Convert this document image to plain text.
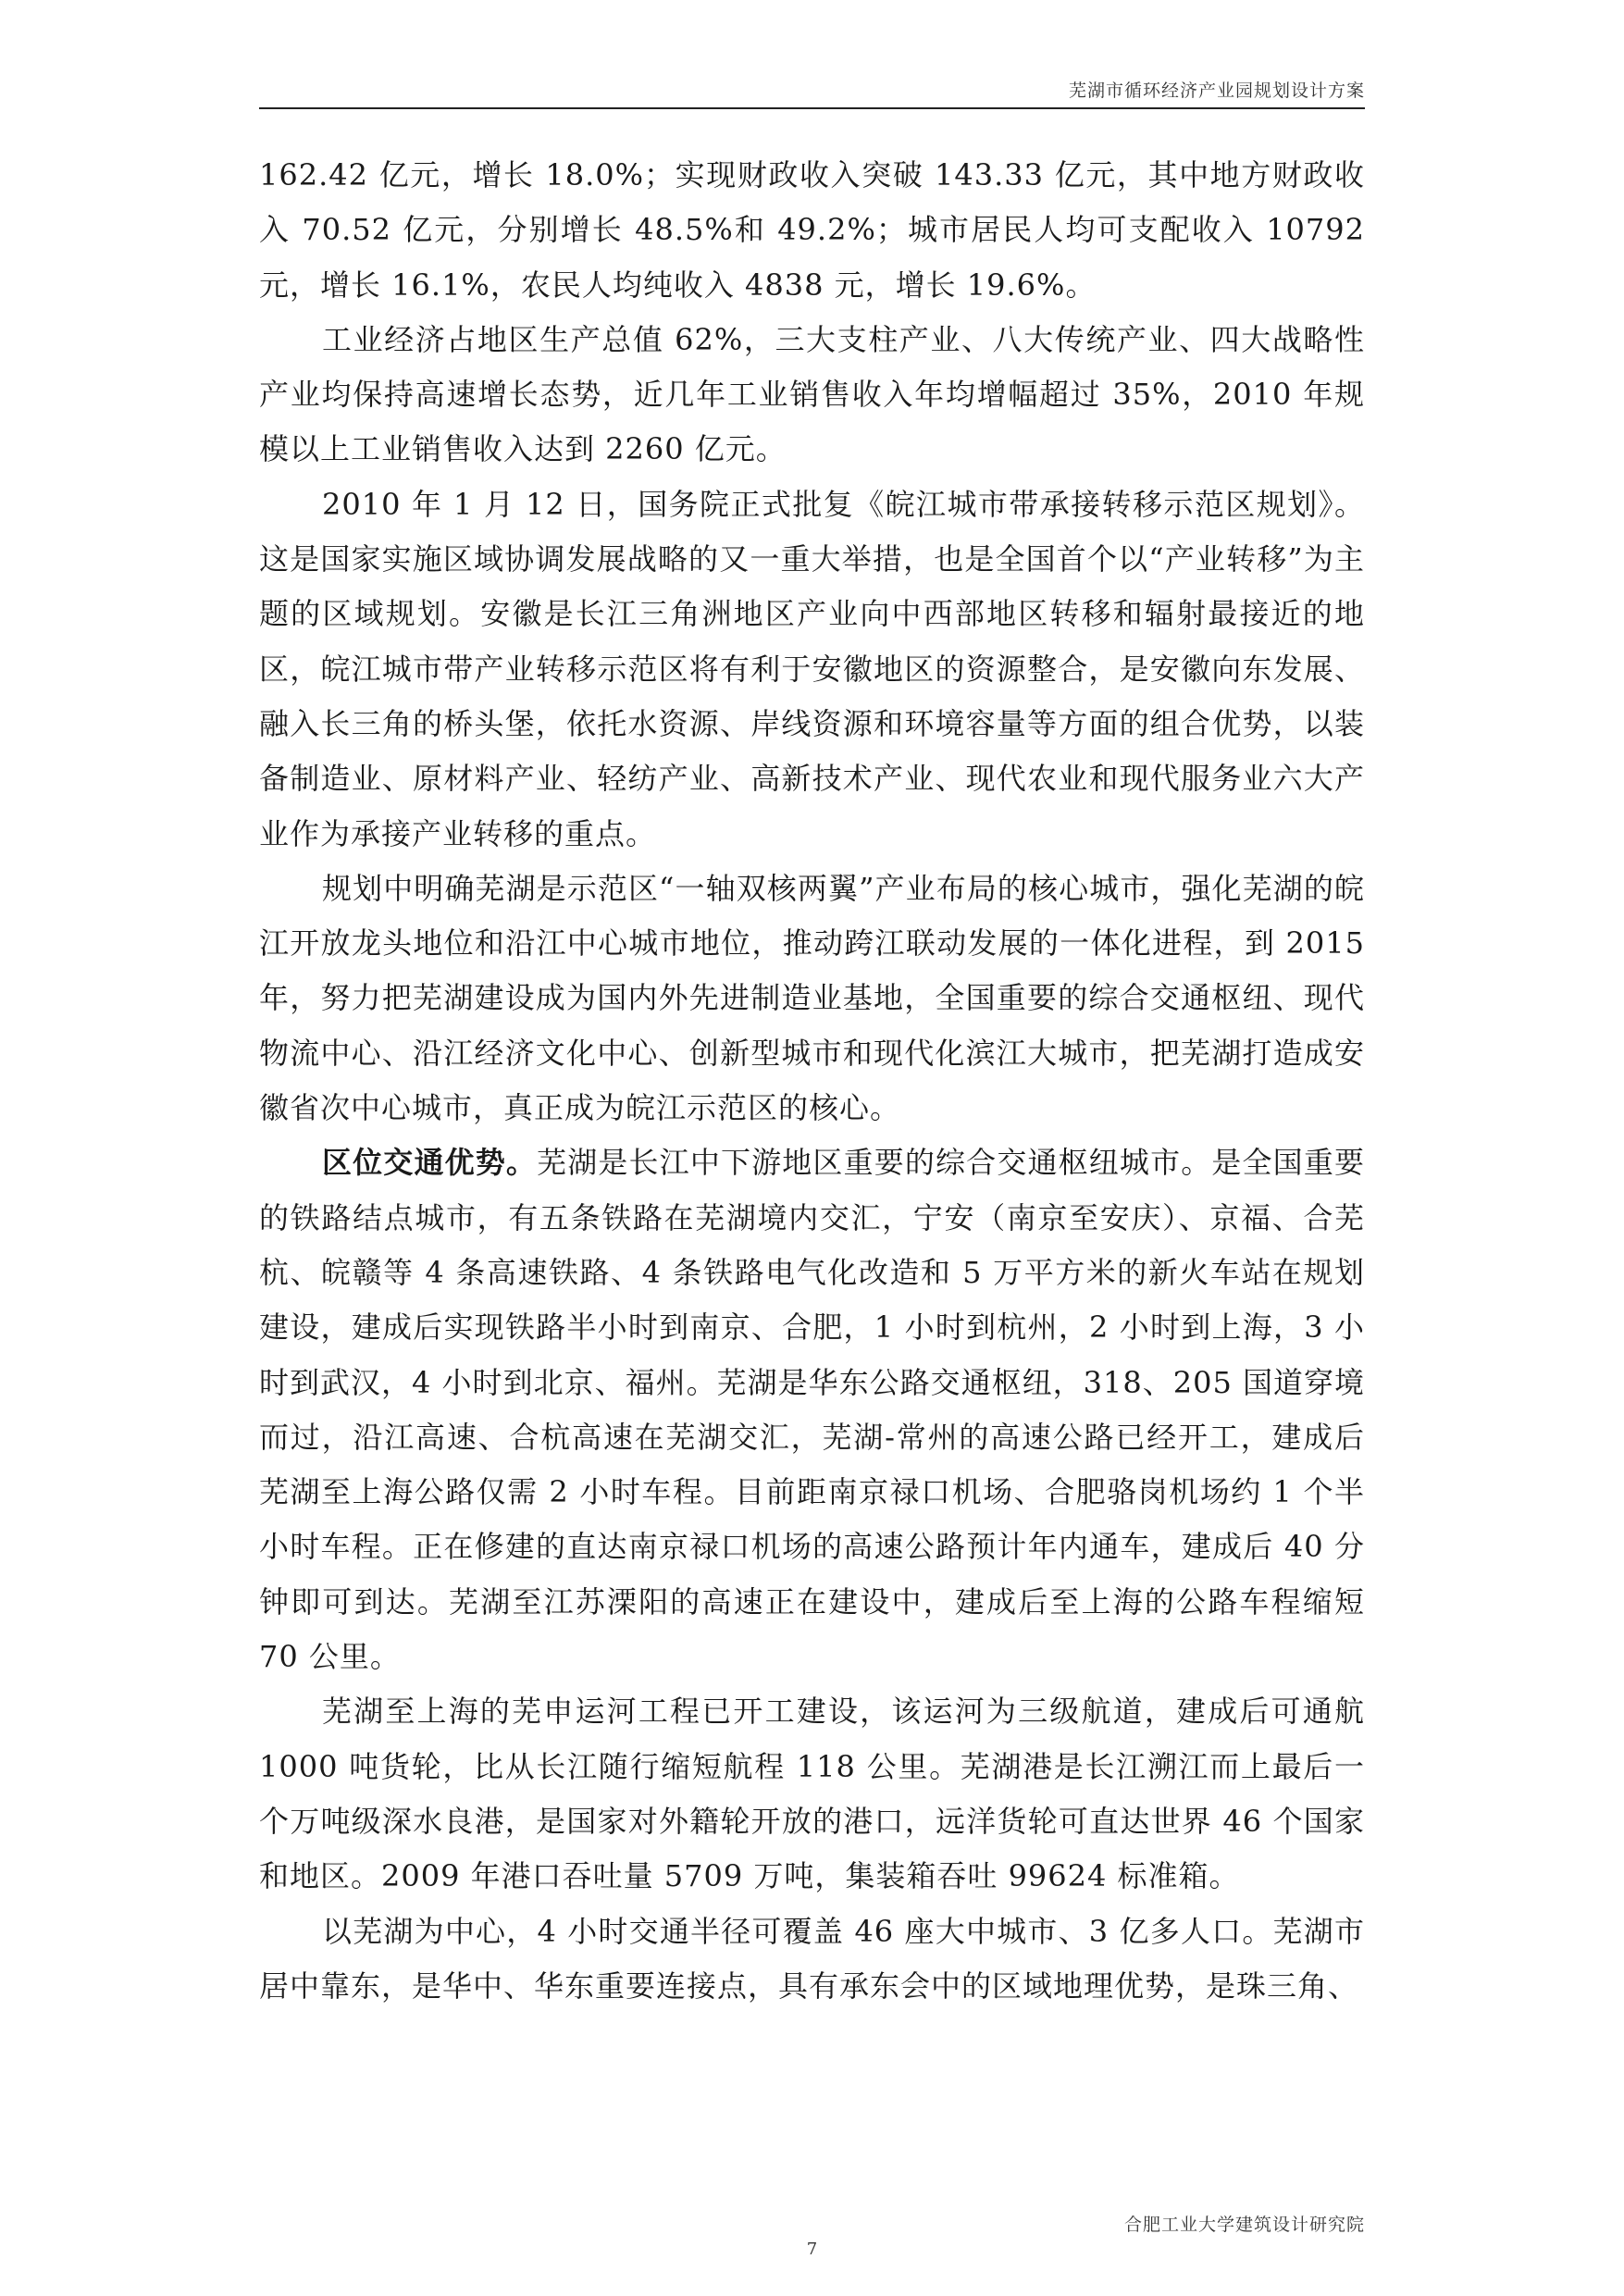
芜湖市循环经济产业园规划设计方案

162.42 亿元，增长 18.0%；实现财政收入突破 143.33 亿元，其中地方财政收入 70.52 亿元，分别增长 48.5%和 49.2%；城市居民人均可支配收入 10792 元，增长 16.1%，农民人均纯收入 4838 元，增长 19.6%。

工业经济占地区生产总值 62%，三大支柱产业、八大传统产业、四大战略性产业均保持高速增长态势，近几年工业销售收入年均增幅超过 35%，2010 年规模以上工业销售收入达到 2260 亿元。

2010 年 1 月 12 日，国务院正式批复《皖江城市带承接转移示范区规划》。这是国家实施区域协调发展战略的又一重大举措，也是全国首个以“产业转移”为主题的区域规划。安徽是长江三角洲地区产业向中西部地区转移和辐射最接近的地区，皖江城市带产业转移示范区将有利于安徽地区的资源整合，是安徽向东发展、融入长三角的桥头堡，依托水资源、岸线资源和环境容量等方面的组合优势，以装备制造业、原材料产业、轻纺产业、高新技术产业、现代农业和现代服务业六大产业作为承接产业转移的重点。

规划中明确芜湖是示范区“一轴双核两翼”产业布局的核心城市，强化芜湖的皖江开放龙头地位和沿江中心城市地位，推动跨江联动发展的一体化进程，到 2015 年，努力把芜湖建设成为国内外先进制造业基地，全国重要的综合交通枢纽、现代物流中心、沿江经济文化中心、创新型城市和现代化滨江大城市，把芜湖打造成安徽省次中心城市，真正成为皖江示范区的核心。

区位交通优势。芜湖是长江中下游地区重要的综合交通枢纽城市。是全国重要的铁路结点城市，有五条铁路在芜湖境内交汇，宁安（南京至安庆）、京福、合芜杭、皖赣等 4 条高速铁路、4 条铁路电气化改造和 5 万平方米的新火车站在规划建设，建成后实现铁路半小时到南京、合肥，1 小时到杭州，2 小时到上海，3 小时到武汉，4 小时到北京、福州。芜湖是华东公路交通枢纽，318、205 国道穿境而过，沿江高速、合杭高速在芜湖交汇，芜湖-常州的高速公路已经开工，建成后芜湖至上海公路仅需 2 小时车程。目前距南京禄口机场、合肥骆岗机场约 1 个半小时车程。正在修建的直达南京禄口机场的高速公路预计年内通车，建成后 40 分钟即可到达。芜湖至江苏溧阳的高速正在建设中，建成后至上海的公路车程缩短 70 公里。

芜湖至上海的芜申运河工程已开工建设，该运河为三级航道，建成后可通航 1000 吨货轮，比从长江随行缩短航程 118 公里。芜湖港是长江溯江而上最后一个万吨级深水良港，是国家对外籍轮开放的港口，远洋货轮可直达世界 46 个国家和地区。2009 年港口吞吐量 5709 万吨，集装箱吞吐 99624 标准箱。

以芜湖为中心，4 小时交通半径可覆盖 46 座大中城市、3 亿多人口。芜湖市居中靠东，是华中、华东重要连接点，具有承东会中的区域地理优势，是珠三角、

合肥工业大学建筑设计研究院
7
